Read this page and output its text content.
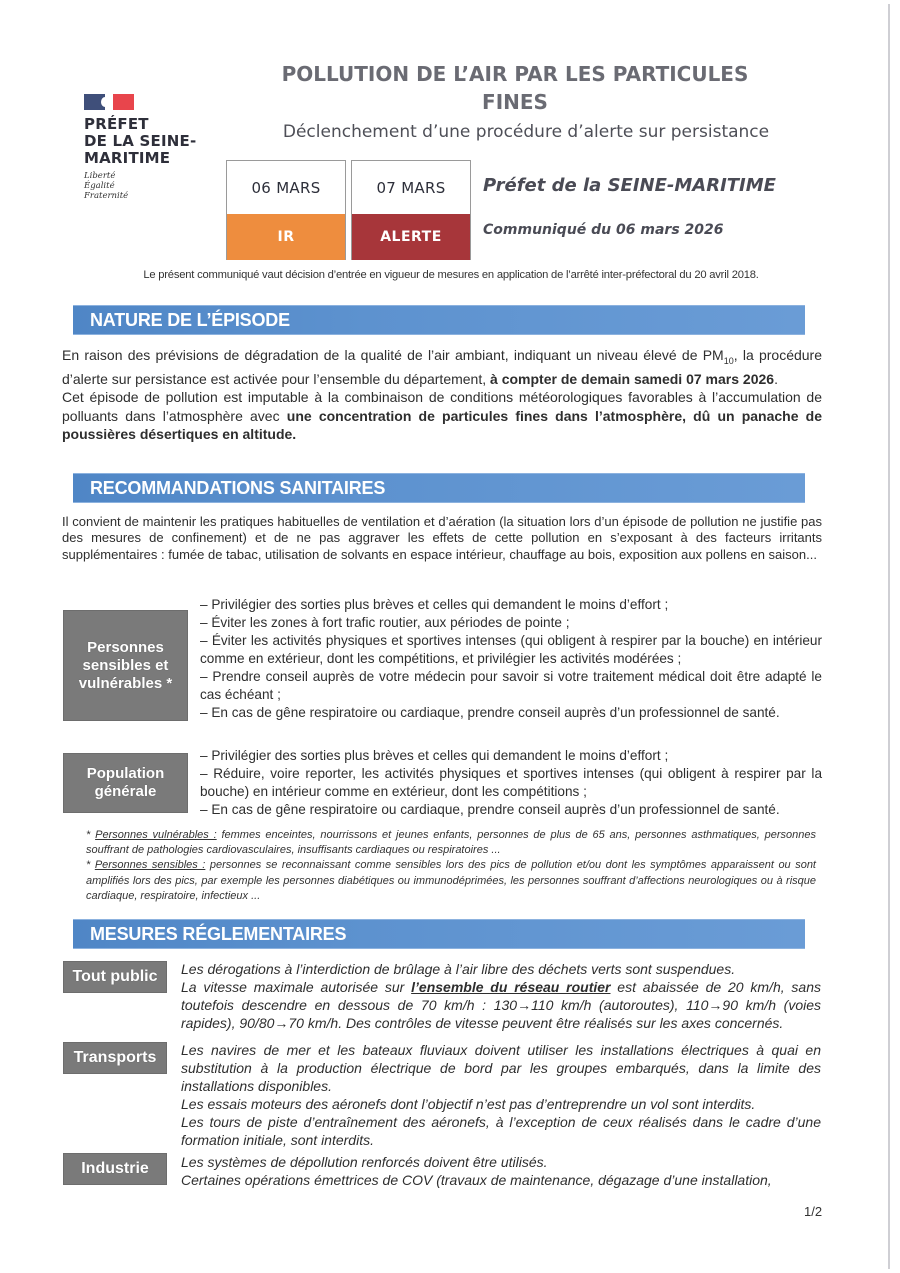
PRÉFET
DE LA SEINE-
MARITIME
Liberté
Égalité
Fraternité
POLLUTION DE L’AIR PAR LES PARTICULES
FINES
Déclenchement d’une procédure d’alerte sur persistance
06 MARS
IR
07 MARS
ALERTE
Préfet de la SEINE-MARITIME
Communiqué du 06 mars 2026
Le présent communiqué vaut décision d’entrée en vigueur de mesures en application de l’arrêté inter-préfectoral du 20 avril 2018.
NATURE DE L’ÉPISODE
En raison des prévisions de dégradation de la qualité de l’air ambiant, indiquant un niveau élevé de $PM_{10}$, la procédure d’alerte sur persistance est activée pour l’ensemble du département, à compter de demain samedi 07 mars 2026.
Cet épisode de pollution est imputable à la combinaison de conditions météorologiques favorables à l’accumulation de polluants dans l’atmosphère avec une concentration de particules fines dans l’atmosphère, dû un panache de poussières désertiques en altitude.
RECOMMANDATIONS SANITAIRES
Il convient de maintenir les pratiques habituelles de ventilation et d’aération (la situation lors d’un épisode de pollution ne justifie pas des mesures de confinement) et de ne pas aggraver les effets de cette pollution en s’exposant à des facteurs irritants supplémentaires : fumée de tabac, utilisation de solvants en espace intérieur, chauffage au bois, exposition aux pollens en saison...
Personnes sensibles et vulnérables *
– Privilégier des sorties plus brèves et celles qui demandent le moins d’effort ;
– Éviter les zones à fort trafic routier, aux périodes de pointe ;
– Éviter les activités physiques et sportives intenses (qui obligent à respirer par la bouche) en intérieur comme en extérieur, dont les compétitions, et privilégier les activités modérées ;
– Prendre conseil auprès de votre médecin pour savoir si votre traitement médical doit être adapté le cas échéant ;
– En cas de gêne respiratoire ou cardiaque, prendre conseil auprès d’un professionnel de santé.
Population générale
– Privilégier des sorties plus brèves et celles qui demandent le moins d’effort ;
– Réduire, voire reporter, les activités physiques et sportives intenses (qui obligent à respirer par la bouche) en intérieur comme en extérieur, dont les compétitions ;
– En cas de gêne respiratoire ou cardiaque, prendre conseil auprès d’un professionnel de santé.
* Personnes vulnérables : femmes enceintes, nourrissons et jeunes enfants, personnes de plus de 65 ans, personnes asthmatiques, personnes souffrant de pathologies cardiovasculaires, insuffisants cardiaques ou respiratoires ...
* Personnes sensibles : personnes se reconnaissant comme sensibles lors des pics de pollution et/ou dont les symptômes apparaissent ou sont amplifiés lors des pics, par exemple les personnes diabétiques ou immunodéprimées, les personnes souffrant d’affections neurologiques ou à risque cardiaque, respiratoire, infectieux ...
MESURES RÉGLEMENTAIRES
Tout public	Les dérogations à l’interdiction de brûlage à l’air libre des déchets verts sont suspendues.
La vitesse maximale autorisée sur l’ensemble du réseau routier est abaissée de 20 km/h, sans toutefois descendre en dessous de 70 km/h : 130→110 km/h (autoroutes), 110→90 km/h (voies rapides), 90/80→70 km/h. Des contrôles de vitesse peuvent être réalisés sur les axes concernés.
Transports	Les navires de mer et les bateaux fluviaux doivent utiliser les installations électriques à quai en substitution à la production électrique de bord par les groupes embarqués, dans la limite des installations disponibles.
Les essais moteurs des aéronefs dont l’objectif n’est pas d’entreprendre un vol sont interdits.
Les tours de piste d’entraînement des aéronefs, à l’exception de ceux réalisés dans le cadre d’une formation initiale, sont interdits.
Industrie	Les systèmes de dépollution renforcés doivent être utilisés.
Certaines opérations émettrices de COV (travaux de maintenance, dégazage d’une installation,
1/2
